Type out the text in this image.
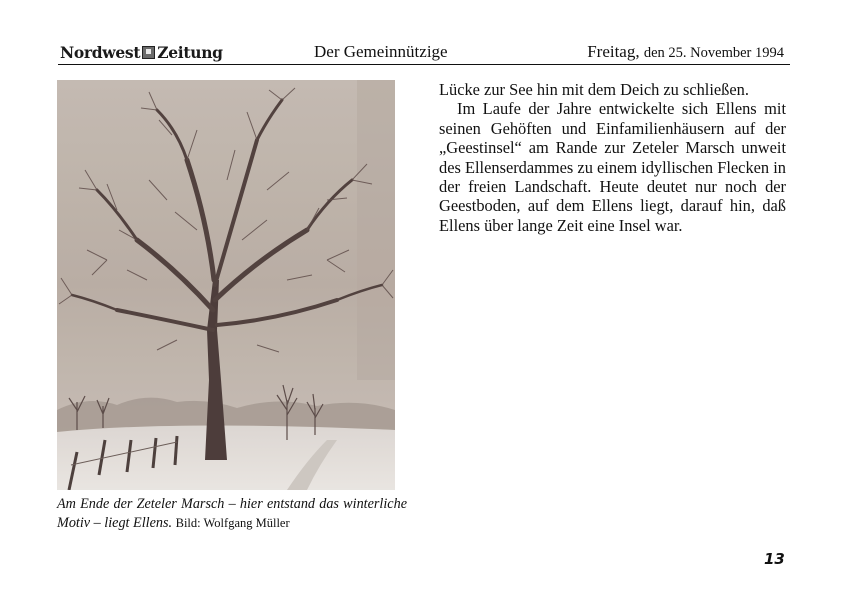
Nordwest Zeitung	Der Gemeinnützige	Freitag, den 25. November 1994
Am Ende der Zeteler Marsch – hier entstand das winterliche Motiv – liegt Ellens. Bild: Wolfgang Müller

Lücke zur See hin mit dem Deich zu schließen.

Im Laufe der Jahre entwickelte sich Ellens mit seinen Gehöften und Einfamilienhäusern auf der „Geestinsel“ am Rande zur Zeteler Marsch unweit des Ellenserdammes zu einem idyllischen Flecken in der freien Landschaft. Heute deutet nur noch der Geestboden, auf dem Ellens liegt, darauf hin, daß Ellens über lange Zeit eine Insel war.

13
